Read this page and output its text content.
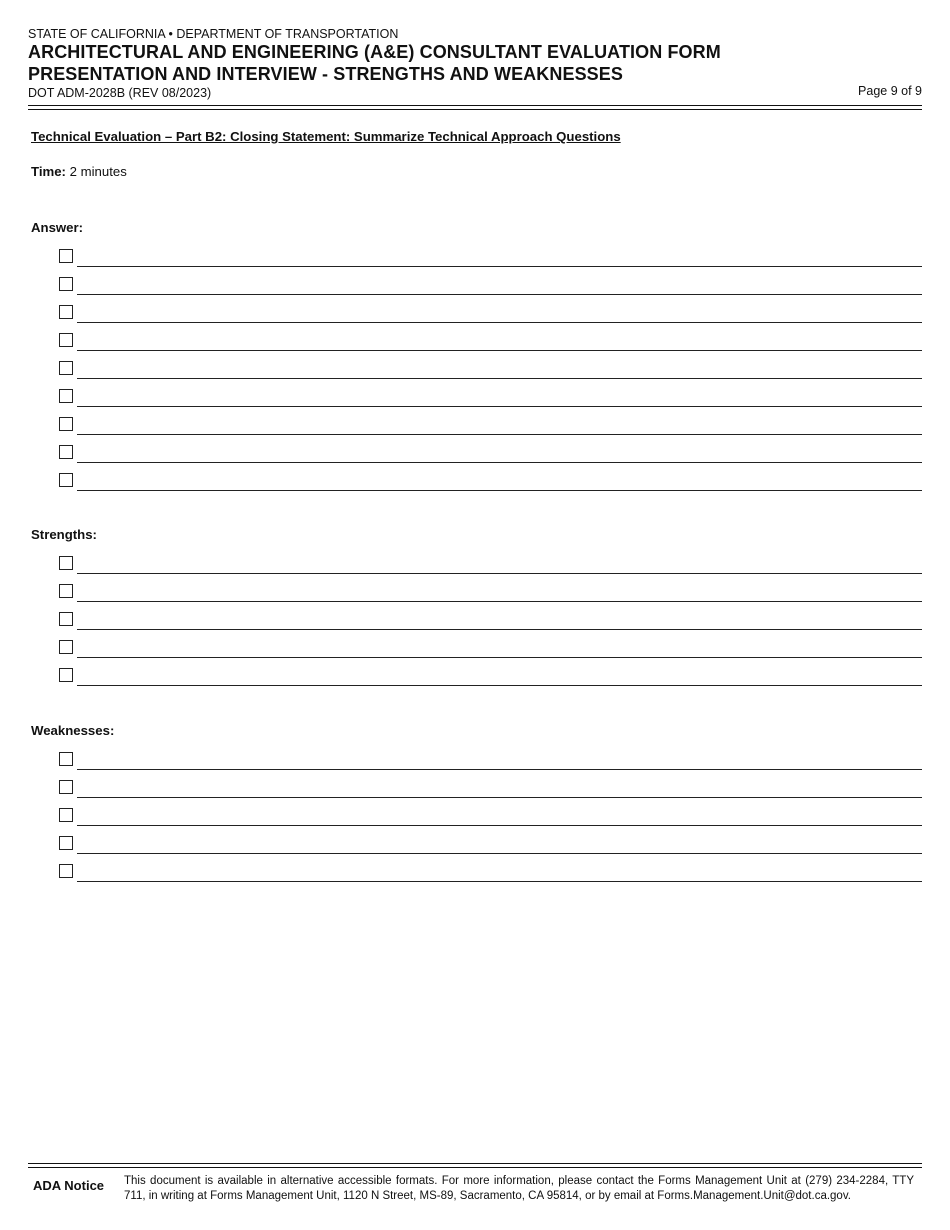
STATE OF CALIFORNIA • DEPARTMENT OF TRANSPORTATION
ARCHITECTURAL AND ENGINEERING (A&E) CONSULTANT EVALUATION FORM
PRESENTATION AND INTERVIEW - STRENGTHS AND WEAKNESSES
DOT ADM-2028B (REV 08/2023)	Page 9 of 9
Technical Evaluation – Part B2: Closing Statement: Summarize Technical Approach Questions
Time: 2 minutes
Answer:
Strengths:
Weaknesses:
ADA Notice This document is available in alternative accessible formats. For more information, please contact the Forms Management Unit at (279) 234-2284, TTY 711, in writing at Forms Management Unit, 1120 N Street, MS-89, Sacramento, CA 95814, or by email at Forms.Management.Unit@dot.ca.gov.
